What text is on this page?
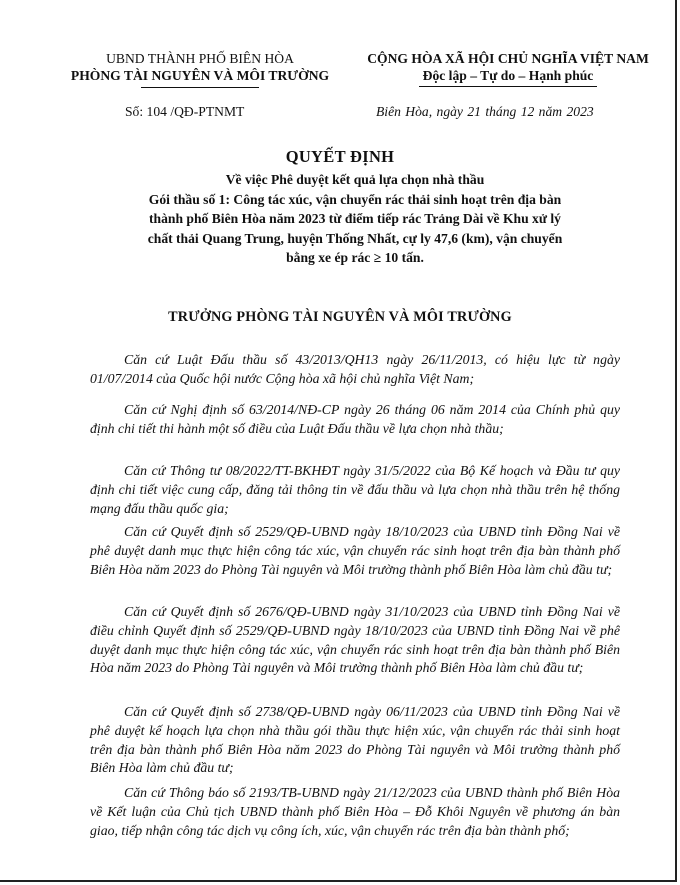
UBND THÀNH PHỐ BIÊN HÒA
PHÒNG TÀI NGUYÊN VÀ MÔI TRƯỜNG
CỘNG HÒA XÃ HỘI CHỦ NGHĨA VIỆT NAM
Độc lập – Tự do – Hạnh phúc
Số: 104 /QĐ-PTNMT	Biên Hòa, ngày 21 tháng 12 năm 2023
QUYẾT ĐỊNH
Về việc Phê duyệt kết quả lựa chọn nhà thầu
Gói thầu số 1: Công tác xúc, vận chuyển rác thải sinh hoạt trên địa bàn
thành phố Biên Hòa năm 2023 từ điểm tiếp rác Trảng Dài về Khu xử lý
chất thải Quang Trung, huyện Thống Nhất, cự ly 47,6 (km), vận chuyển
bằng xe ép rác ≥ 10 tấn.
TRƯỞNG PHÒNG TÀI NGUYÊN VÀ MÔI TRƯỜNG
Căn cứ Luật Đấu thầu số 43/2013/QH13 ngày 26/11/2013, có hiệu lực từ ngày 01/07/2014 của Quốc hội nước Cộng hòa xã hội chủ nghĩa Việt Nam;
Căn cứ Nghị định số 63/2014/NĐ-CP ngày 26 tháng 06 năm 2014 của Chính phủ quy định chi tiết thi hành một số điều của Luật Đấu thầu về lựa chọn nhà thầu;
Căn cứ Thông tư 08/2022/TT-BKHĐT ngày 31/5/2022 của Bộ Kế hoạch và Đầu tư quy định chi tiết việc cung cấp, đăng tải thông tin về đấu thầu và lựa chọn nhà thầu trên hệ thống mạng đấu thầu quốc gia;
Căn cứ Quyết định số 2529/QĐ-UBND ngày 18/10/2023 của UBND tỉnh Đồng Nai về phê duyệt danh mục thực hiện công tác xúc, vận chuyển rác sinh hoạt trên địa bàn thành phố Biên Hòa năm 2023 do Phòng Tài nguyên và Môi trường thành phố Biên Hòa làm chủ đầu tư;
Căn cứ Quyết định số 2676/QĐ-UBND ngày 31/10/2023 của UBND tỉnh Đồng Nai về điều chỉnh Quyết định số 2529/QĐ-UBND ngày 18/10/2023 của UBND tỉnh Đồng Nai về phê duyệt danh mục thực hiện công tác xúc, vận chuyển rác sinh hoạt trên địa bàn thành phố Biên Hòa năm 2023 do Phòng Tài nguyên và Môi trường thành phố Biên Hòa làm chủ đầu tư;
Căn cứ Quyết định số 2738/QĐ-UBND ngày 06/11/2023 của UBND tỉnh Đồng Nai về phê duyệt kế hoạch lựa chọn nhà thầu gói thầu thực hiện xúc, vận chuyển rác thải sinh hoạt trên địa bàn thành phố Biên Hòa năm 2023 do Phòng Tài nguyên và Môi trường thành phố Biên Hòa làm chủ đầu tư;
Căn cứ Thông báo số 2193/TB-UBND ngày 21/12/2023 của UBND thành phố Biên Hòa về Kết luận của Chủ tịch UBND thành phố Biên Hòa – Đỗ Khôi Nguyên về phương án bàn giao, tiếp nhận công tác dịch vụ công ích, xúc, vận chuyển rác trên địa bàn thành phố;
